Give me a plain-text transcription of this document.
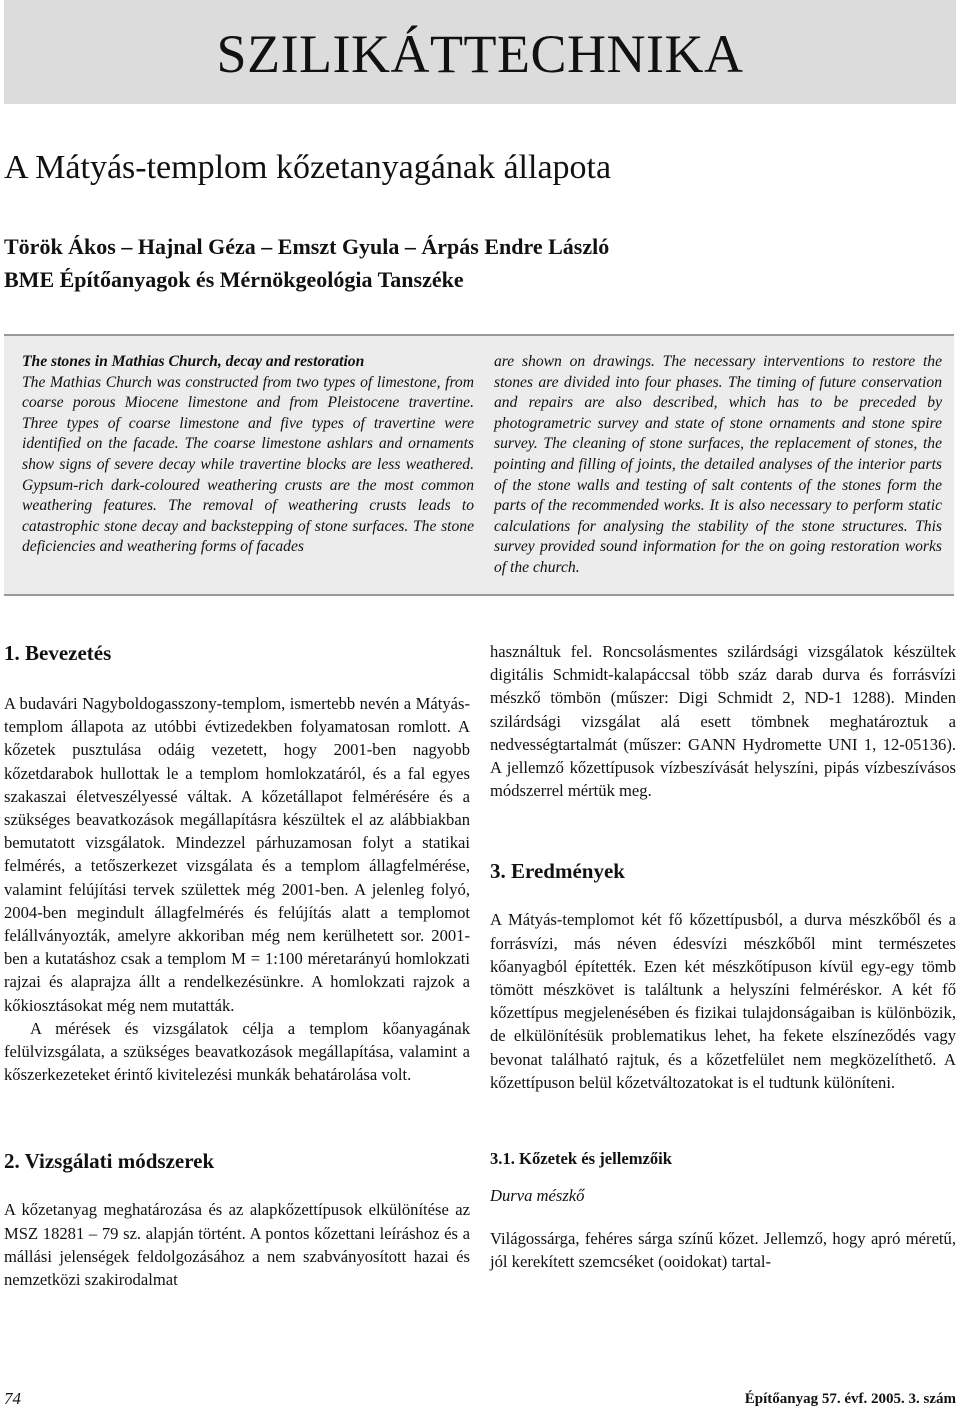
SZILIKÁTTECHNIKA
A Mátyás-templom kőzetanyagának állapota
Török Ákos – Hajnal Géza – Emszt Gyula – Árpás Endre László
BME Építőanyagok és Mérnökgeológia Tanszéke

The stones in Mathias Church, decay and restoration

The Mathias Church was constructed from two types of limestone, from coarse porous Miocene limestone and from Pleistocene travertine. Three types of coarse limestone and five types of travertine were identified on the facade. The coarse limestone ashlars and ornaments show signs of severe decay while travertine blocks are less weathered. Gypsum-rich dark-coloured weathering crusts are the most common weathering features. The removal of weathering crusts leads to catastrophic stone decay and backstepping of stone surfaces. The stone deficiencies and weathering forms of facades

are shown on drawings. The necessary interventions to restore the stones are divided into four phases. The timing of future conservation and repairs are also described, which has to be preceded by photogrametric survey and state of stone ornaments and stone spire survey. The cleaning of stone surfaces, the replacement of stones, the pointing and filling of joints, the detailed analyses of the interior parts of the stone walls and testing of salt contents of the stones form the parts of the recommended works. It is also necessary to perform static calculations for analysing the stability of the stone structures. This survey provided sound information for the on going restoration works of the church.

1. Bevezetés

A budavári Nagyboldogasszony-templom, ismertebb nevén a Mátyás-templom állapota az utóbbi évtizedekben folyamatosan romlott. A kőzetek pusztulása odáig vezetett, hogy 2001-ben nagyobb kőzetdarabok hullottak le a templom homlokzatáról, és a fal egyes szakaszai életveszélyessé váltak. A kőzetállapot felmérésére és a szükséges beavatkozások megállapításra készültek el az alábbiakban bemutatott vizsgálatok. Mindezzel párhuzamosan folyt a statikai felmérés, a tetőszerkezet vizsgálata és a templom állagfelmérése, valamint felújítási tervek születtek még 2001-ben. A jelenleg folyó, 2004-ben megindult állagfelmérés és felújítás alatt a templomot felállványozták, amelyre akkoriban még nem kerülhetett sor. 2001-ben a kutatáshoz csak a templom M = 1:100 méretarányú homlokzati rajzai és alaprajza állt a rendelkezésünkre. A homlokzati rajzok a kőkiosztásokat még nem mutatták.

A mérések és vizsgálatok célja a templom kőanyagának felülvizsgálata, a szükséges beavatkozások megállapítása, valamint a kőszerkezeteket érintő kivitelezési munkák behatárolása volt.

2. Vizsgálati módszerek

A kőzetanyag meghatározása és az alapkőzettípusok elkülönítése az MSZ 18281 – 79 sz. alapján történt. A pontos kőzettani leíráshoz és a mállási jelenségek feldolgozásához a nem szabványosított hazai és nemzetközi szakirodalmat

használtuk fel. Roncsolásmentes szilárdsági vizsgálatok készültek digitális Schmidt-kalapáccsal több száz darab durva és forrásvízi mészkő tömbön (műszer: Digi Schmidt 2, ND-1 1288). Minden szilárdsági vizsgálat alá esett tömbnek meghatároztuk a nedvességtartalmát (műszer: GANN Hydromette UNI 1, 12-05136). A jellemző kőzettípusok vízbeszívását helyszíni, pipás vízbeszívásos módszerrel mértük meg.

3. Eredmények

A Mátyás-templomot két fő kőzettípusból, a durva mészkőből és a forrásvízi, más néven édesvízi mészkőből mint természetes kőanyagból építették. Ezen két mészkőtípuson kívül egy-egy tömb tömött mészkövet is találtunk a helyszíni felméréskor. A két fő kőzettípus megjelenésében és fizikai tulajdonságaiban is különbözik, de elkülönítésük problematikus lehet, ha fekete elszíneződés vagy bevonat található rajtuk, és a kőzetfelület nem megközelíthető. A kőzettípuson belül kőzetváltozatokat is el tudtunk különíteni.

3.1. Kőzetek és jellemzőik

Durva mészkő

Világossárga, fehéres sárga színű kőzet. Jellemző, hogy apró méretű, jól kerekített szemcséket (ooidokat) tartal-

74	Építőanyag 57. évf. 2005. 3. szám
